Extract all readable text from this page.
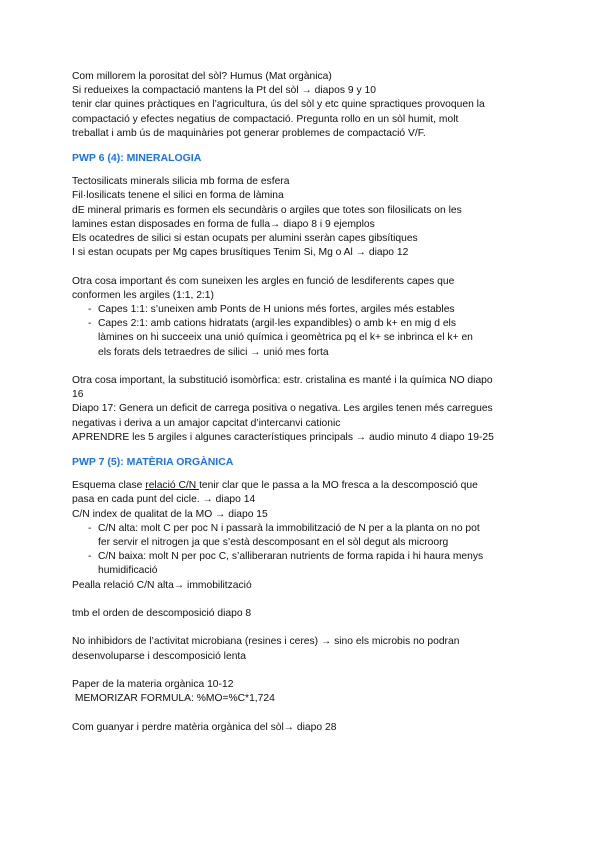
Com millorem la porositat del sòl? Humus (Mat orgànica)
Si redueixes la compactació mantens la Pt del sòl → diapos 9 y 10
tenir clar quines pràctiques en l’agricultura, ús del sòl y etc quine spractiques provoquen la
compactació y efectes negatius de compactació. Pregunta rollo en un sòl humit, molt
treballat i amb ús de maquinàries pot generar problemes de compactació V/F.
PWP 6 (4): MINERALOGIA
Tectosilicats minerals silicia mb forma de esfera
Fil·losilicats tenene el silici en forma de làmina
dE mineral primaris es formen els secundàris o argiles que totes son filosilicats on les
lamines estan disposades en forma de fulla→ diapo 8 i 9 ejemplos
Els ocatedres de silici si estan ocupats per alumini sseràn capes gibsítiques
I si estan ocupats per Mg capes brusítiques Tenim Si, Mg o Al → diapo 12
Otra cosa important és com suneixen les argles en funció de lesdiferents capes que
conformen les argiles (1:1, 2:1)
- Capes 1:1: s’uneixen amb Ponts de H unions més fortes, argiles més estables
- Capes 2:1: amb cations hidratats (argil·les expandibles) o amb k+ en mig d els
làmines on hi succeeix una unió química i geomètrica pq el k+ se inbrinca el k+ en
els forats dels tetraedres de silici → unió mes forta
Otra cosa important, la substitució isomòrfica: estr. cristalina es manté i la química NO diapo
16
Diapo 17: Genera un deficit de carrega positiva o negativa. Les argiles tenen més carregues
negativas i deriva a un amajor capcitat d’intercanvi cationic
APRENDRE les 5 argiles i algunes característiques principals → audio minuto 4 diapo 19-25
PWP 7 (5): MATÈRIA ORGÀNICA
Esquema clase relació C/N tenir clar que le passa a la MO fresca a la descomposció que
pasa en cada punt del cicle. → diapo 14
C/N index de qualitat de la MO → diapo 15
- C/N alta: molt C per poc N i passarà la immobilització de N per a la planta on no pot
fer servir el nitrogen ja que s’està descomposant en el sòl degut als microorg
- C/N baixa: molt N per poc C, s’alliberaran nutrients de forma rapida i hi haura menys
humidificació
Pealla relació C/N alta→ immobilització
tmb el orden de descomposició diapo 8
No inhibidors de l’activitat microbiana (resines i ceres) → sino els microbis no podran
desenvoluparse i descomposició lenta
Paper de la materia orgànica 10-12
MEMORIZAR FORMULA: %MO=%C*1,724
Com guanyar i perdre matèria orgànica del sòl→ diapo 28
